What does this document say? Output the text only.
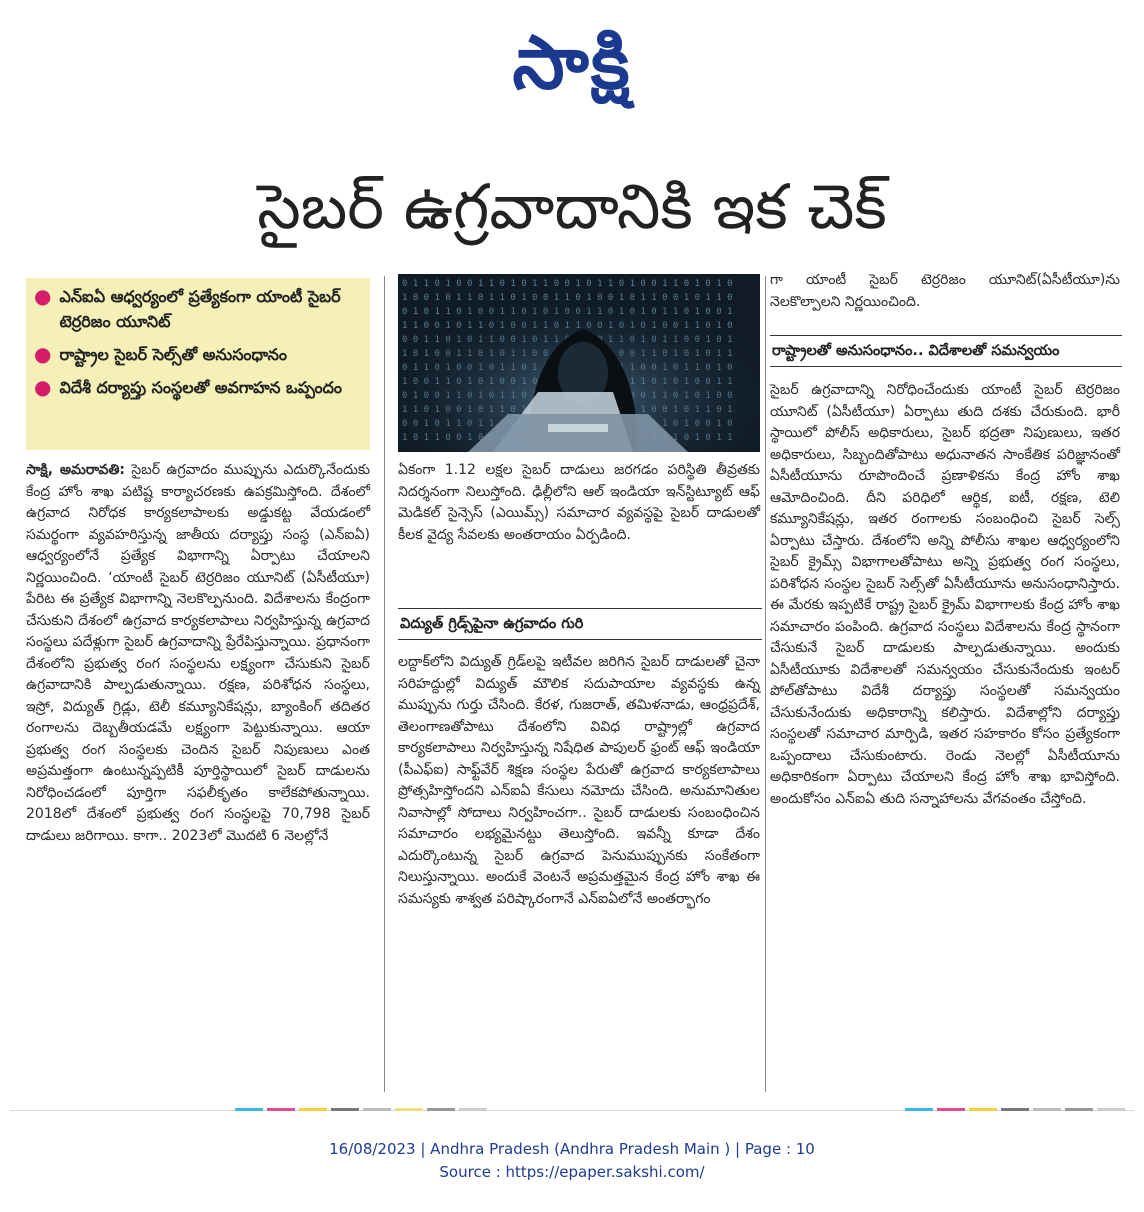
సాక్షి
సైబర్ ఉగ్రవాదానికి ఇక చెక్
● ఎన్ఐఏ ఆధ్వర్యంలో ప్రత్యేకంగా యాంటీ సైబర్ టెర్రరిజం యూనిట్
● రాష్ట్రాల సైబర్ సెల్స్‌తో అనుసంధానం
● విదేశీ దర్యాప్తు సంస్థలతో అవగాహన ఒప్పందం
సాక్షి, అమరావతి: సైబర్ ఉగ్రవాదం ముప్పును ఎదుర్కొనేందుకు కేంద్ర హోం శాఖ పటిష్ట కార్యాచరణకు ఉపక్రమిస్తోంది. దేశంలో ఉగ్రవాద నిరోధక కార్యకలాపాలకు అడ్డుకట్ట వేయడంలో సమర్థంగా వ్యవహరిస్తున్న జాతీయ దర్యాప్తు సంస్థ (ఎన్ఐఏ) ఆధ్వర్యంలోనే ప్రత్యేక విభాగాన్ని ఏర్పాటు చేయాలని నిర్ణయించింది. ‘యాంటీ సైబర్ టెర్రరిజం యూనిట్ (ఏసీటీయూ) పేరిట ఈ ప్రత్యేక విభాగాన్ని నెలకొల్పనుంది. విదేశాలను కేంద్రంగా చేసుకుని దేశంలో ఉగ్రవాద కార్యకలాపాలు నిర్వహిస్తున్న ఉగ్రవాద సంస్థలు పదేళ్లుగా సైబర్ ఉగ్రవాదాన్ని ప్రేరేపిస్తున్నాయి. ప్రధానంగా దేశంలోని ప్రభుత్వ రంగ సంస్థలను లక్ష్యంగా చేసుకుని సైబర్ ఉగ్రవాదానికి పాల్పడుతున్నాయి. రక్షణ, పరిశోధన సంస్థలు, ఇస్రో, విద్యుత్ గ్రిడ్లు, టెలీ కమ్యూనికేషన్లు, బ్యాంకింగ్ తదితర రంగాలను దెబ్బతీయడమే లక్ష్యంగా పెట్టుకున్నాయి. ఆయా ప్రభుత్వ రంగ సంస్థలకు చెందిన సైబర్ నిపుణులు ఎంత అప్రమత్తంగా ఉంటున్నప్పటికీ పూర్తిస్థాయిలో సైబర్ దాడులను నిరోధించడంలో పూర్తిగా సఫలీకృతం కాలేకపోతున్నాయి. 2018లో దేశంలో ప్రభుత్వ రంగ సంస్థలపై 70,798 సైబర్ దాడులు జరిగాయి. కాగా.. 2023లో మొదటి 6 నెలల్లోనే
ఏకంగా 1.12 లక్షల సైబర్ దాడులు జరగడం పరిస్థితి తీవ్రతకు నిదర్శనంగా నిలుస్తోంది. ఢిల్లీలోని ఆల్ ఇండియా ఇన్‌స్టిట్యూట్ ఆఫ్ మెడికల్ సైన్సెస్ (ఎయిమ్స్) సమాచార వ్యవస్థపై సైబర్ దాడులతో కీలక వైద్య సేవలకు అంతరాయం ఏర్పడింది.
విద్యుత్ గ్రిడ్స్‌పైనా ఉగ్రవాదం గురి
లద్దాక్‌లోని విద్యుత్ గ్రిడ్‌లపై ఇటీవల జరిగిన సైబర్ దాడులతో చైనా సరిహద్దుల్లో విద్యుత్ మౌలిక సదుపాయాల వ్యవస్థకు ఉన్న ముప్పును గుర్తు చేసింది. కేరళ, గుజరాత్, తమిళనాడు, ఆంధ్రప్రదేశ్, తెలంగాణతోపాటు దేశంలోని వివిధ రాష్ట్రాల్లో ఉగ్రవాద కార్యకలాపాలు నిర్వహిస్తున్న నిషేధిత పాపులర్ ఫ్రంట్ ఆఫ్ ఇండియా (పీఎఫ్ఐ) సాఫ్ట్‌వేర్ శిక్షణ సంస్థల పేరుతో ఉగ్రవాద కార్యకలాపాలు ప్రోత్సహిస్తోందని ఎన్ఐఏ కేసులు నమోదు చేసింది. అనుమానితుల నివాసాల్లో సోదాలు నిర్వహించగా.. సైబర్ దాడులకు సంబంధించిన సమాచారం లభ్యమైనట్టు తెలుస్తోంది. ఇవన్నీ కూడా దేశం ఎదుర్కొంటున్న సైబర్ ఉగ్రవాద పెనుముప్పునకు సంకేతంగా నిలుస్తున్నాయి. అందుకే వెంటనే అప్రమత్తమైన కేంద్ర హోం శాఖ ఈ సమస్యకు శాశ్వత పరిష్కారంగానే ఎన్ఐఏలోనే అంతర్భాగం
గా యాంటీ సైబర్ టెర్రరిజం యూనిట్(ఏసీటీయూ)ను నెలకొల్పాలని నిర్ణయించింది.
రాష్ట్రాలతో అనుసంధానం.. విదేశాలతో సమన్వయం
సైబర్ ఉగ్రవాదాన్ని నిరోధించేందుకు యాంటీ సైబర్ టెర్రరిజం యూనిట్ (ఏసీటీయూ) ఏర్పాటు తుది దశకు చేరుకుంది. భారీ స్థాయిలో పోలీస్ అధికారులు, సైబర్ భద్రతా నిపుణులు, ఇతర అధికారులు, సిబ్బందితోపాటు అధునాతన సాంకేతిక పరిజ్ఞానంతో ఏసీటీయూను రూపొందించే ప్రణాళికను కేంద్ర హోం శాఖ ఆమోదించింది. దీని పరిధిలో ఆర్థిక, ఐటీ, రక్షణ, టెలి కమ్యూనికేషన్లు, ఇతర రంగాలకు సంబంధించి సైబర్ సెల్స్ ఏర్పాటు చేస్తారు. దేశంలోని అన్ని పోలీసు శాఖల ఆధ్వర్యంలోని సైబర్ క్రైమ్స్ విభాగాలతోపాటు అన్ని ప్రభుత్వ రంగ సంస్థలు, పరిశోధన సంస్థల సైబర్ సెల్స్‌తో ఏసీటీయూను అనుసంధానిస్తారు. ఈ మేరకు ఇప్పటికే రాష్ట్ర సైబర్ క్రైమ్ విభాగాలకు కేంద్ర హోం శాఖ సమాచారం పంపింది. ఉగ్రవాద సంస్థలు విదేశాలను కేంద్ర స్థానంగా చేసుకునే సైబర్ దాడులకు పాల్పడుతున్నాయి. అందుకు ఏసీటీయూకు విదేశాలతో సమన్వయం చేసుకునేందుకు ఇంటర్ పోల్‌తోపాటు విదేశీ దర్యాప్తు సంస్థలతో సమన్వయం చేసుకునేందుకు అధికారాన్ని కలిస్తారు. విదేశాల్లోని దర్యాప్తు సంస్థలతో సమాచార మార్పిడి, ఇతర సహకారం కోసం ప్రత్యేకంగా ఒప్పందాలు చేసుకుంటారు. రెండు నెలల్లో ఏసీటీయూను అధికారికంగా ఏర్పాటు చేయాలని కేంద్ర హోం శాఖ భావిస్తోంది. అందుకోసం ఎన్ఐఏ తుది సన్నాహాలను వేగవంతం చేస్తోంది.
16/08/2023 | Andhra Pradesh (Andhra Pradesh Main ) | Page : 10
Source : https://epaper.sakshi.com/
